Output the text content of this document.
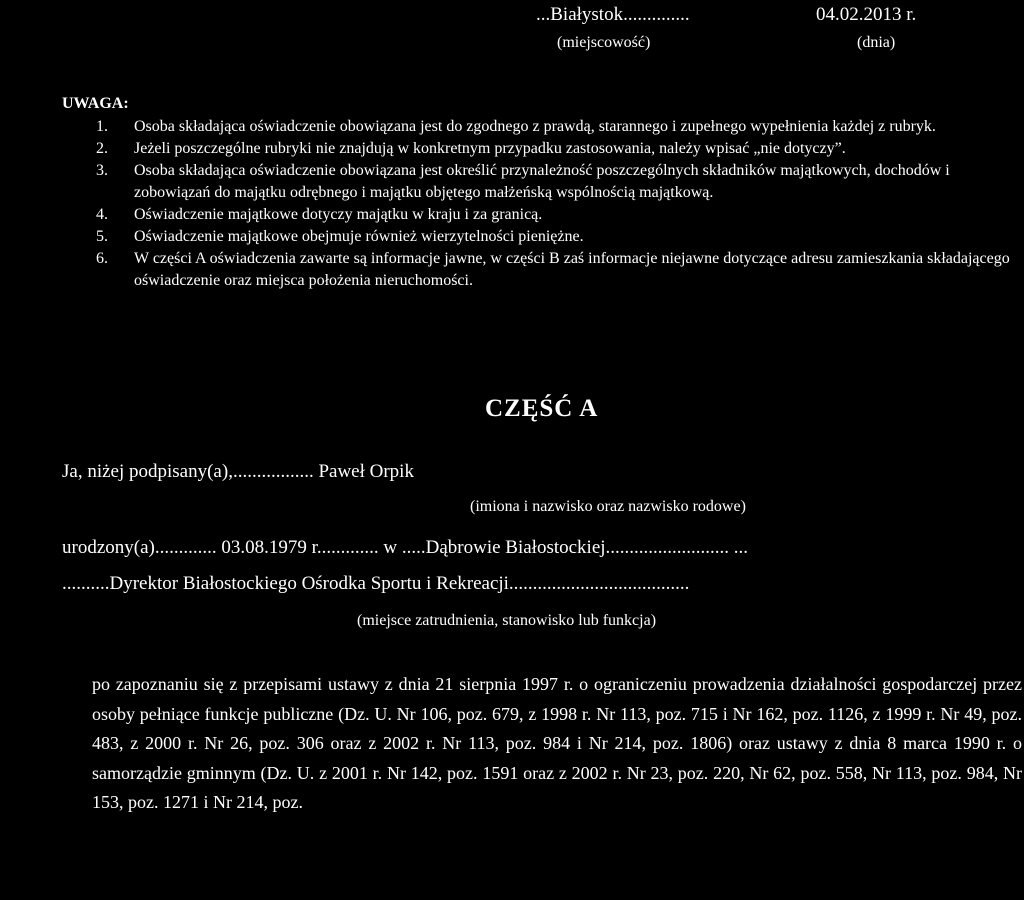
...Białystok..............
(miejscowość)
04.02.2013 r.
(dnia)
UWAGA:
1. Osoba składająca oświadczenie obowiązana jest do zgodnego z prawdą, starannego i zupełnego wypełnienia każdej z rubryk.
2. Jeżeli poszczególne rubryki nie znajdują w konkretnym przypadku zastosowania, należy wpisać „nie dotyczy”.
3. Osoba składająca oświadczenie obowiązana jest określić przynależność poszczególnych składników majątkowych, dochodów i zobowiązań do majątku odrębnego i majątku objętego małżeńską wspólnością majątkową.
4. Oświadczenie majątkowe dotyczy majątku w kraju i za granicą.
5. Oświadczenie majątkowe obejmuje również wierzytelności pieniężne.
6. W części A oświadczenia zawarte są informacje jawne, w części B zaś informacje niejawne dotyczące adresu zamieszkania składającego oświadczenie oraz miejsca położenia nieruchomości.
CZĘŚĆ A
Ja, niżej podpisany(a),................. Paweł Orpik
(imiona i nazwisko oraz nazwisko rodowe)
urodzony(a)............. 03.08.1979 r............. w .....Dąbrowie Białostockiej.......................... ...
..........Dyrektor Białostockiego Ośrodka Sportu i Rekreacji......................................
(miejsce zatrudnienia, stanowisko lub funkcja)
po zapoznaniu się z przepisami ustawy z dnia 21 sierpnia 1997 r. o ograniczeniu prowadzenia działalności gospodarczej przez osoby pełniące funkcje publiczne (Dz. U. Nr 106, poz. 679, z 1998 r. Nr 113, poz. 715 i Nr 162, poz. 1126, z 1999 r. Nr 49, poz. 483, z 2000 r. Nr 26, poz. 306 oraz z 2002 r. Nr 113, poz. 984 i Nr 214, poz. 1806) oraz ustawy z dnia 8 marca 1990 r. o samorządzie gminnym (Dz. U. z 2001 r. Nr 142, poz. 1591 oraz z 2002 r. Nr 23, poz. 220, Nr 62, poz. 558, Nr 113, poz. 984, Nr 153, poz. 1271 i Nr 214, poz.
